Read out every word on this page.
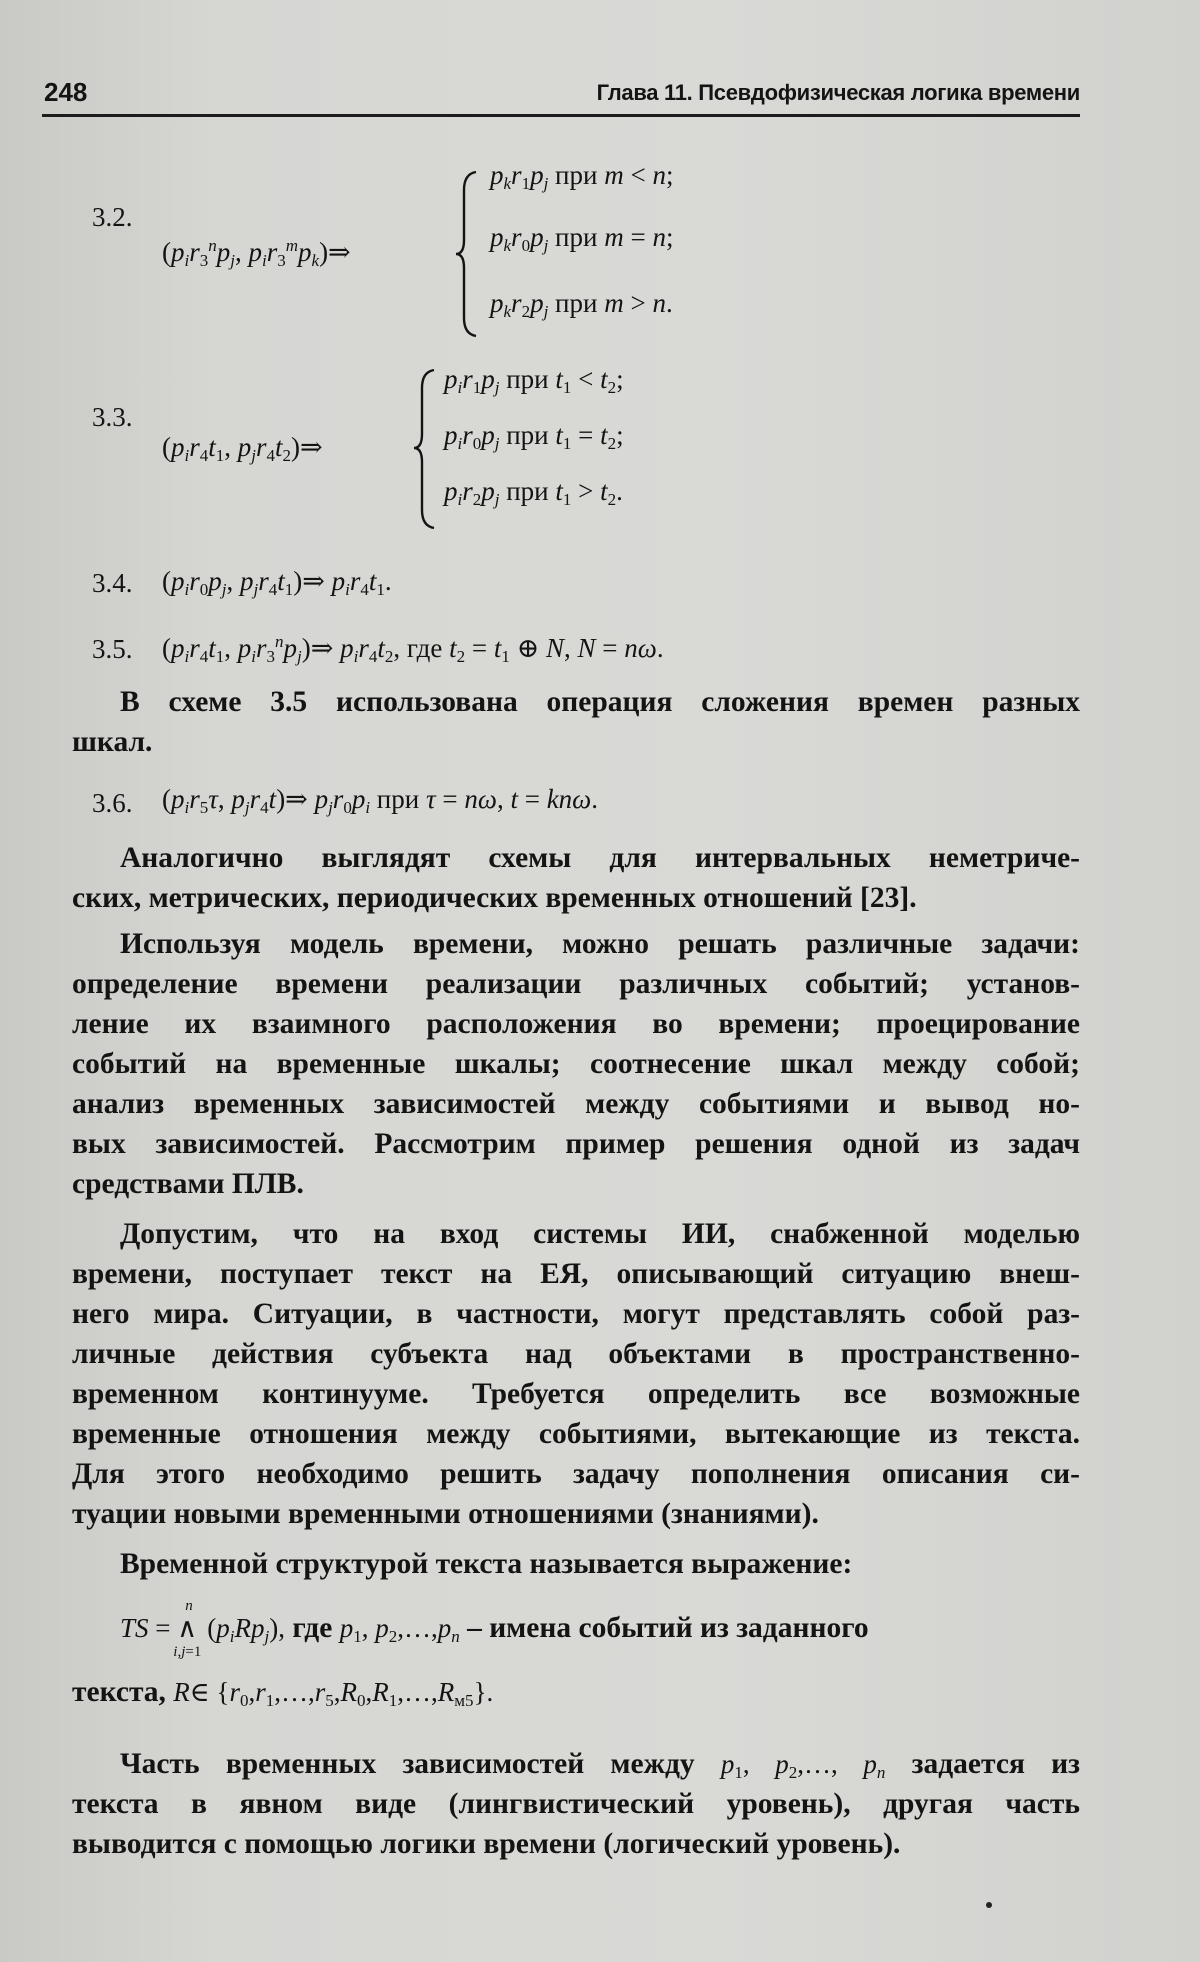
248	Глава 11. Псевдофизическая логика времени
3.2.
($p_ir_3^np_j$, $p_ir_3^mp_k)\Rightarrow$
$p_kr_1p_j$ при m < n;
$p_kr_0p_j$ при m = n;
$p_kr_2p_j$ при m > n.
3.3.
($p_ir_4t_1$, $p_jr_4t_2)\Rightarrow$
$p_ir_1p_j$ при $t_1 < t_2$;
$p_ir_0p_j$ при $t_1 = t_2$;
$p_ir_2p_j$ при $t_1 > t_2$.
3.4. ($p_ir_0p_j$, $p_jr_4t_1)\Rightarrow$ $p_ir_4t_1$.
3.5. ($p_ir_4t_1$, $p_ir_3^np_j)\Rightarrow$ $p_ir_4t_2$, где $t_2 = t_1$ ⊕ N, N = nω.
В схеме 3.5 использована операция сложения времен разных
шкал.
3.6. ($p_ir_5\tau$, $p_jr_4t)\Rightarrow$ $p_jr_0p_i$ при τ = nω, t = knω.
Аналогично выглядят схемы для интервальных неметриче-
ских, метрических, периодических временных отношений [23].
Используя модель времени, можно решать различные задачи:
определение времени реализации различных событий; установ-
ление их взаимного расположения во времени; проецирование
событий на временные шкалы; соотнесение шкал между собой;
анализ временных зависимостей между событиями и вывод но-
вых зависимостей. Рассмотрим пример решения одной из задач
средствами ПЛВ.
Допустим, что на вход системы ИИ, снабженной моделью
времени, поступает текст на ЕЯ, описывающий ситуацию внеш-
него мира. Ситуации, в частности, могут представлять собой раз-
личные действия субъекта над объектами в пространственно-
временном континууме. Требуется определить все возможные
временные отношения между событиями, вытекающие из текста.
Для этого необходимо решить задачу пополнения описания си-
туации новыми временными отношениями (знаниями).
Временной структурой текста называется выражение:
TS =
n
∧
i,j=1
$(p_iRp_j)$, где $p_1$, $p_2,\dots,p_n$ – имена событий из заданного
текста, R∈ $\{r_0,r_1,\dots,r_5,R_0,R_1,\dots,R_{м5}\}$.
Часть временных зависимостей между $p_1$, $p_2,\dots$, $p_n$ задается из
текста в явном виде (лингвистический уровень), другая часть
выводится с помощью логики времени (логический уровень).
